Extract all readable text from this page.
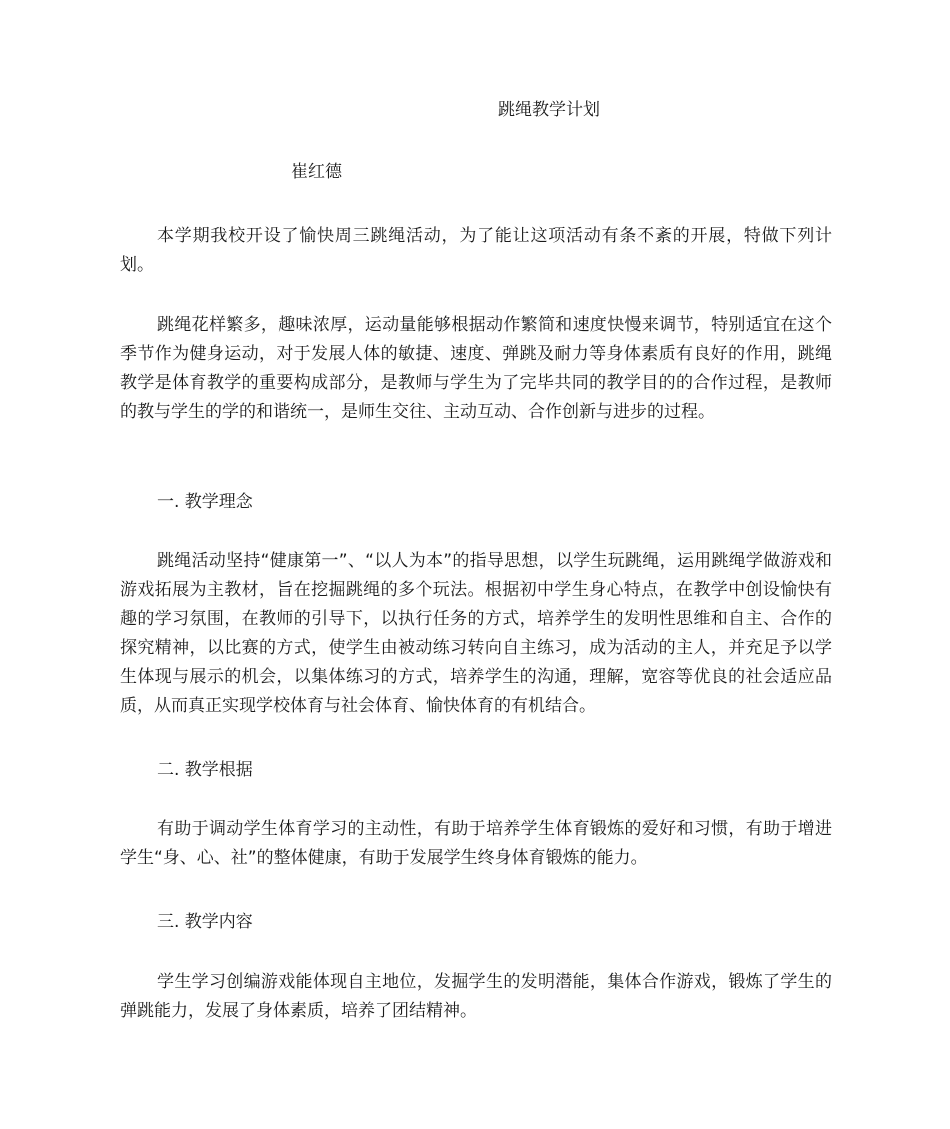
跳绳教学计划
崔红德
本学期我校开设了愉快周三跳绳活动，为了能让这项活动有条不紊的开展，特做下列计划。
跳绳花样繁多，趣味浓厚，运动量能够根据动作繁简和速度快慢来调节，特别适宜在这个季节作为健身运动，对于发展人体的敏捷、速度、弹跳及耐力等身体素质有良好的作用，跳绳教学是体育教学的重要构成部分，是教师与学生为了完毕共同的教学目的的合作过程，是教师的教与学生的学的和谐统一，是师生交往、主动互动、合作创新与进步的过程。
一. 教学理念
跳绳活动坚持“健康第一”、“以人为本”的指导思想，以学生玩跳绳，运用跳绳学做游戏和游戏拓展为主教材，旨在挖掘跳绳的多个玩法。根据初中学生身心特点，在教学中创设愉快有趣的学习氛围，在教师的引导下，以执行任务的方式，培养学生的发明性思维和自主、合作的探究精神，以比赛的方式，使学生由被动练习转向自主练习，成为活动的主人，并充足予以学生体现与展示的机会，以集体练习的方式，培养学生的沟通，理解，宽容等优良的社会适应品质，从而真正实现学校体育与社会体育、愉快体育的有机结合。
二. 教学根据
有助于调动学生体育学习的主动性，有助于培养学生体育锻炼的爱好和习惯，有助于增进学生“身、心、社”的整体健康，有助于发展学生终身体育锻炼的能力。
三. 教学内容
学生学习创编游戏能体现自主地位，发掘学生的发明潜能，集体合作游戏，锻炼了学生的弹跳能力，发展了身体素质，培养了团结精神。
